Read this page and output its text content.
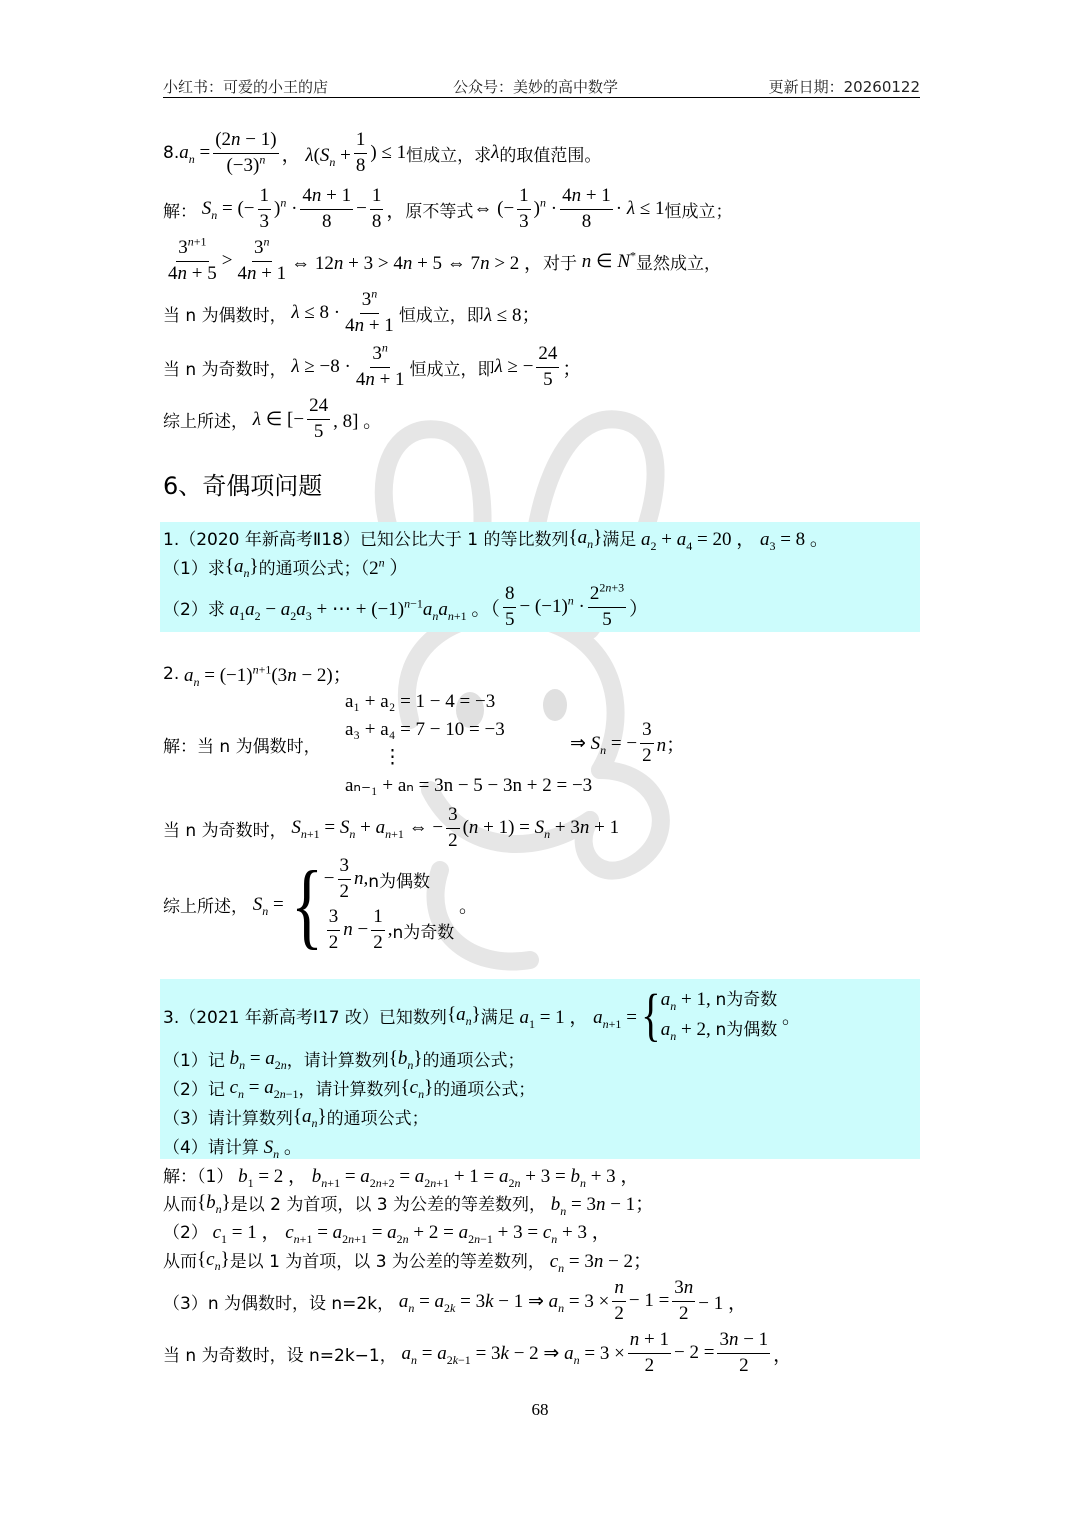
小红书：可爱的小王的店	公众号：美妙的高中数学	更新日期：20260122
8. $a_n = \frac{(2n - 1)}{(-3)^n}$ ， $\lambda(S_n + \frac{1}{8}$ ) ≤ 1 恒成立，求 λ 的取值范围。
解： $S_n$ = (− $\frac{1}{3} )^n \cdot \frac{4n + 1}{8} - \frac{1}{8}$ ， 原不等式 ⇔ (− $\frac{1}{3} )^n \cdot \frac{4n + 1}{8} \cdot \lambda \le 1$ 恒成立；
$\frac{3^{n+1}}{4n + 5} > \frac{3^n}{4n + 1}$ ⇔ 12n + 3 > 4n + 5 ⇔ 7n > 2 ， 对于 n ∈ N* 显然成立，
当 n 为偶数时， $\lambda \le 8 \cdot \frac{3^n}{4n + 1}$ 恒成立，即 λ ≤ 8；
当 n 为奇数时， $\lambda \ge -8 \cdot \frac{3^n}{4n + 1}$ 恒成立，即 λ ≥ − $\frac{24}{5}$ ；
综上所述， λ ∈ [− $\frac{24}{5}$ , 8] 。
6、奇偶项问题
1.（2020 年新高考Ⅱ18）已知公比大于 1 的等比数列 $\{a_n\}$ 满足 $a_2 + a_4 = 20$ ， $a_3 = 8$ 。
（1）求 $\{a_n\}$ 的通项公式；（ 2$^n$ ）
（2）求 $a_1a_2 - a_2a_3$ + ⋯ + $(-1)^{n-1}a_na_{n+1}$ 。（ $\frac{8}{5} - (-1)^n \cdot \frac{2^{2n+3}}{5}$ ）
2. $a_n = (-1)^{n+1}(3n - 2)$；
解：当 n 为偶数时，
a₁ + a₂ = 1 − 4 = −3
a₃ + a₄ = 7 − 10 = −3
⋮
aₙ₋₁ + aₙ = 3n − 5 − 3n + 2 = −3
⇒ $S_n$ = − $\frac{3}{2}$ n；
当 n 为奇数时， $S_{n+1} = S_n + a_{n+1}$ ⇔ − $\frac{3}{2} (n + 1) = S_n + 3n + 1$
综上所述， $S_n$ = { − $\frac{3}{2} n$, n为偶数
$\frac{3}{2}$ $n - \frac{1}{2}$ , n为奇数
。
3.（2021 年新高考Ⅰ17 改）已知数列 $\{a_n\}$ 满足 $a_1 = 1$ ， $a_{n+1}$ = { $a_n + 1$, n为奇数
$a_n + 2$, n为偶数
。
（1）记 $b_n = a_{2n}$ ，请计算数列 $\{b_n\}$ 的通项公式；
（2）记 $c_n = a_{2n-1}$ ，请计算数列 $\{c_n\}$ 的通项公式；
（3）请计算数列 $\{a_n\}$ 的通项公式；
（4）请计算 $S_n$ 。
解：（1） $b_1 = 2$ ， $b_{n+1} = a_{2n+2} = a_{2n+1} + 1 = a_{2n} + 3 = b_n + 3$ ，
从而 $\{b_n\}$ 是以 2 为首项，以 3 为公差的等差数列， $b_n = 3n - 1$；
（2） $c_1 = 1$ ， $c_{n+1} = a_{2n+1} = a_{2n} + 2 = a_{2n-1} + 3 = c_n + 3$ ，
从而 $\{c_n\}$ 是以 1 为首项，以 3 为公差的等差数列， $c_n = 3n - 2$；
（3）n 为偶数时，设 n=2k， $a_n = a_{2k} = 3k - 1$ ⇒ $a_n = 3 \times \frac{n}{2} - 1 = \frac{3n}{2} - 1$ ，
当 n 为奇数时，设 n=2k−1， $a_n = a_{2k-1} = 3k - 2$ ⇒ $a_n = 3 \times \frac{n + 1}{2} - 2 = \frac{3n - 1}{2}$ ，
68
